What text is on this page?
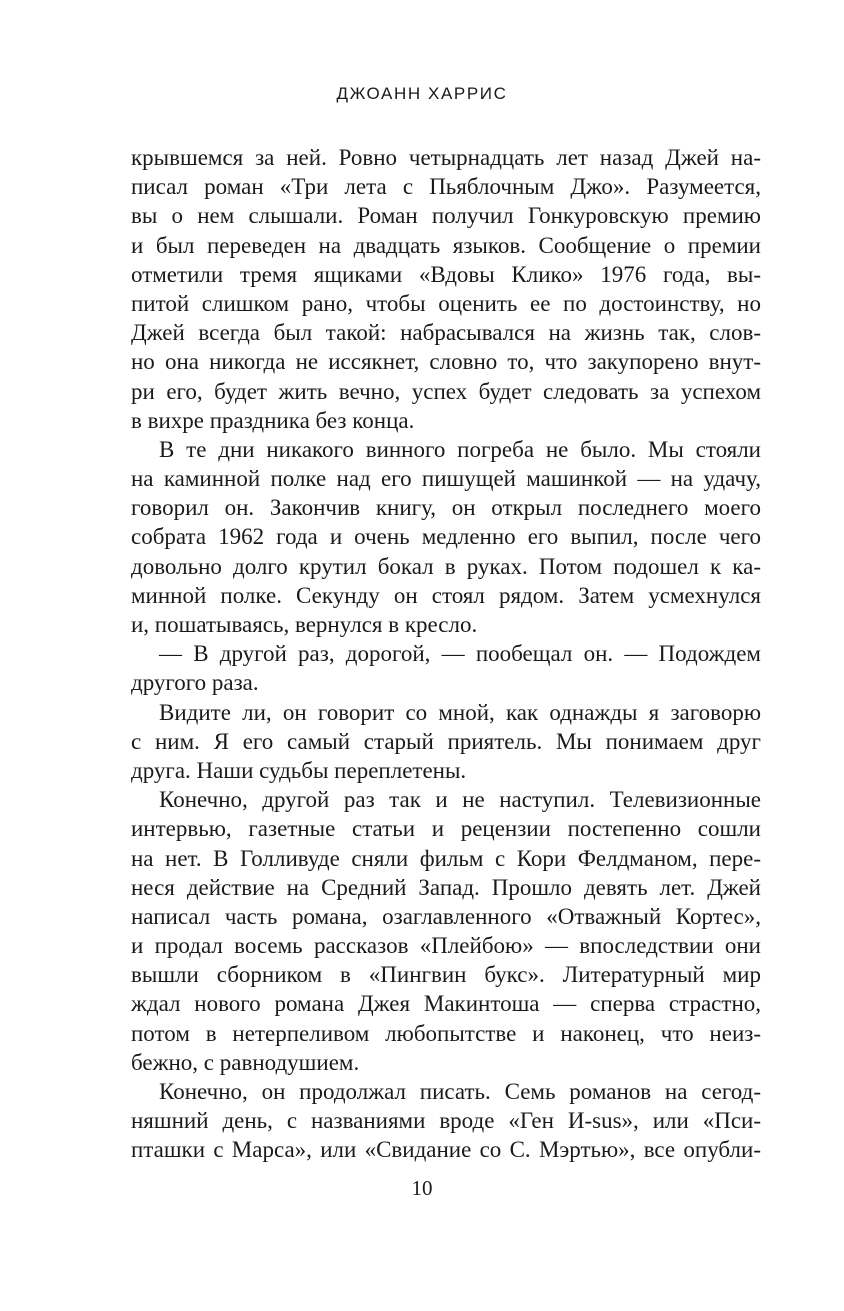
ДЖОАНН ХАРРИС
крывшемся за ней. Ровно четырнадцать лет назад Джей на-
писал роман «Три лета с Пьяблочным Джо». Разумеется,
вы о нем слышали. Роман получил Гонкуровскую премию
и был переведен на двадцать языков. Сообщение о премии
отметили тремя ящиками «Вдовы Клико» 1976 года, вы-
питой слишком рано, чтобы оценить ее по достоинству, но
Джей всегда был такой: набрасывался на жизнь так, слов-
но она никогда не иссякнет, словно то, что закупорено внут-
ри его, будет жить вечно, успех будет следовать за успехом
в вихре праздника без конца.
В те дни никакого винного погреба не было. Мы стояли
на каминной полке над его пишущей машинкой — на удачу,
говорил он. Закончив книгу, он открыл последнего моего
собрата 1962 года и очень медленно его выпил, после чего
довольно долго крутил бокал в руках. Потом подошел к ка-
минной полке. Секунду он стоял рядом. Затем усмехнулся
и, пошатываясь, вернулся в кресло.
— В другой раз, дорогой, — пообещал он. — Подождем
другого раза.
Видите ли, он говорит со мной, как однажды я заговорю
с ним. Я его самый старый приятель. Мы понимаем друг
друга. Наши судьбы переплетены.
Конечно, другой раз так и не наступил. Телевизионные
интервью, газетные статьи и рецензии постепенно сошли
на нет. В Голливуде сняли фильм с Кори Фелдманом, пере-
неся действие на Средний Запад. Прошло девять лет. Джей
написал часть романа, озаглавленного «Отважный Кортес»,
и продал восемь рассказов «Плейбою» — впоследствии они
вышли сборником в «Пингвин букс». Литературный мир
ждал нового романа Джея Макинтоша — сперва страстно,
потом в нетерпеливом любопытстве и наконец, что неиз-
бежно, с равнодушием.
Конечно, он продолжал писать. Семь романов на сегод-
няшний день, с названиями вроде «Ген И-sus», или «Пси-
пташки с Марса», или «Свидание со С. Мэртью», все опубли-
10
